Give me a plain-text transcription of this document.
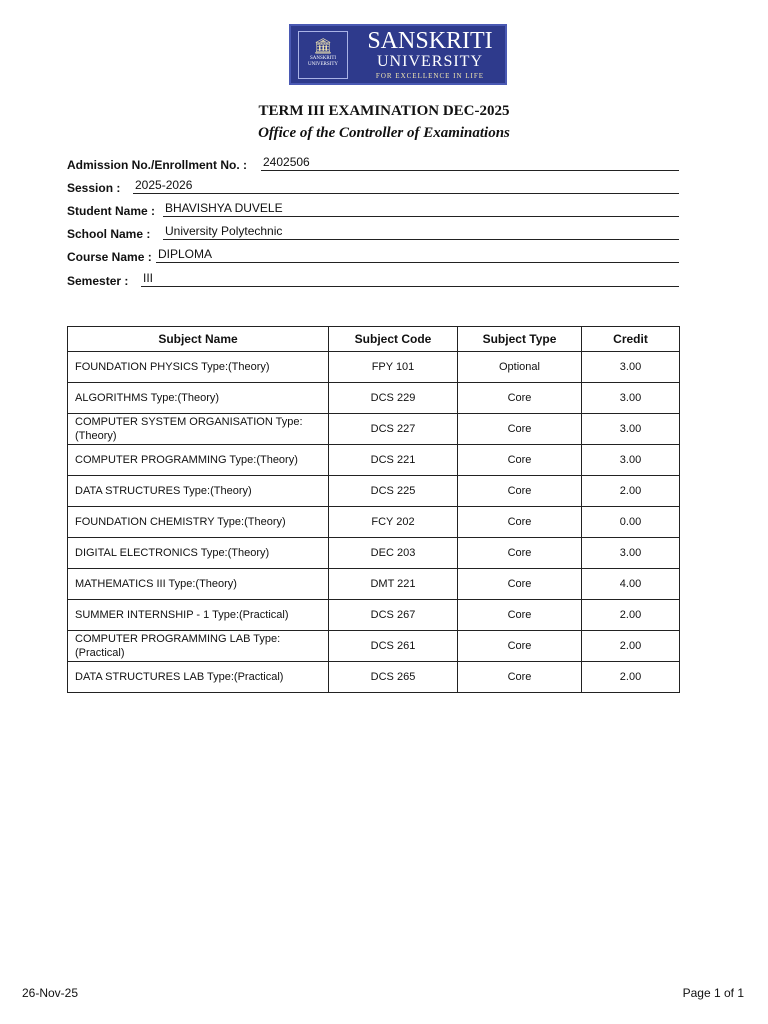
🏛
SANSKRITI UNIVERSITY
SANSKRITI
UNIVERSITY
FOR EXCELLENCE IN LIFE
TERM III EXAMINATION DEC-2025
Office of the Controller of Examinations
Admission No./Enrollment No. : 2402506
Session : 2025-2026
Student Name : BHAVISHYA DUVELE
School Name : University Polytechnic
Course Name : DIPLOMA
Semester : III
Subject Name	Subject Code	Subject Type	Credit
FOUNDATION PHYSICS Type:(Theory)	FPY 101	Optional	3.00
ALGORITHMS Type:(Theory)	DCS 229	Core	3.00
COMPUTER SYSTEM ORGANISATION Type:(Theory)	DCS 227	Core	3.00
COMPUTER PROGRAMMING Type:(Theory)	DCS 221	Core	3.00
DATA STRUCTURES Type:(Theory)	DCS 225	Core	2.00
FOUNDATION CHEMISTRY Type:(Theory)	FCY 202	Core	0.00
DIGITAL ELECTRONICS Type:(Theory)	DEC 203	Core	3.00
MATHEMATICS III Type:(Theory)	DMT 221	Core	4.00
SUMMER INTERNSHIP - 1 Type:(Practical)	DCS 267	Core	2.00
COMPUTER PROGRAMMING LAB Type:(Practical)	DCS 261	Core	2.00
DATA STRUCTURES LAB Type:(Practical)	DCS 265	Core	2.00
26-Nov-25	Page 1 of 1
